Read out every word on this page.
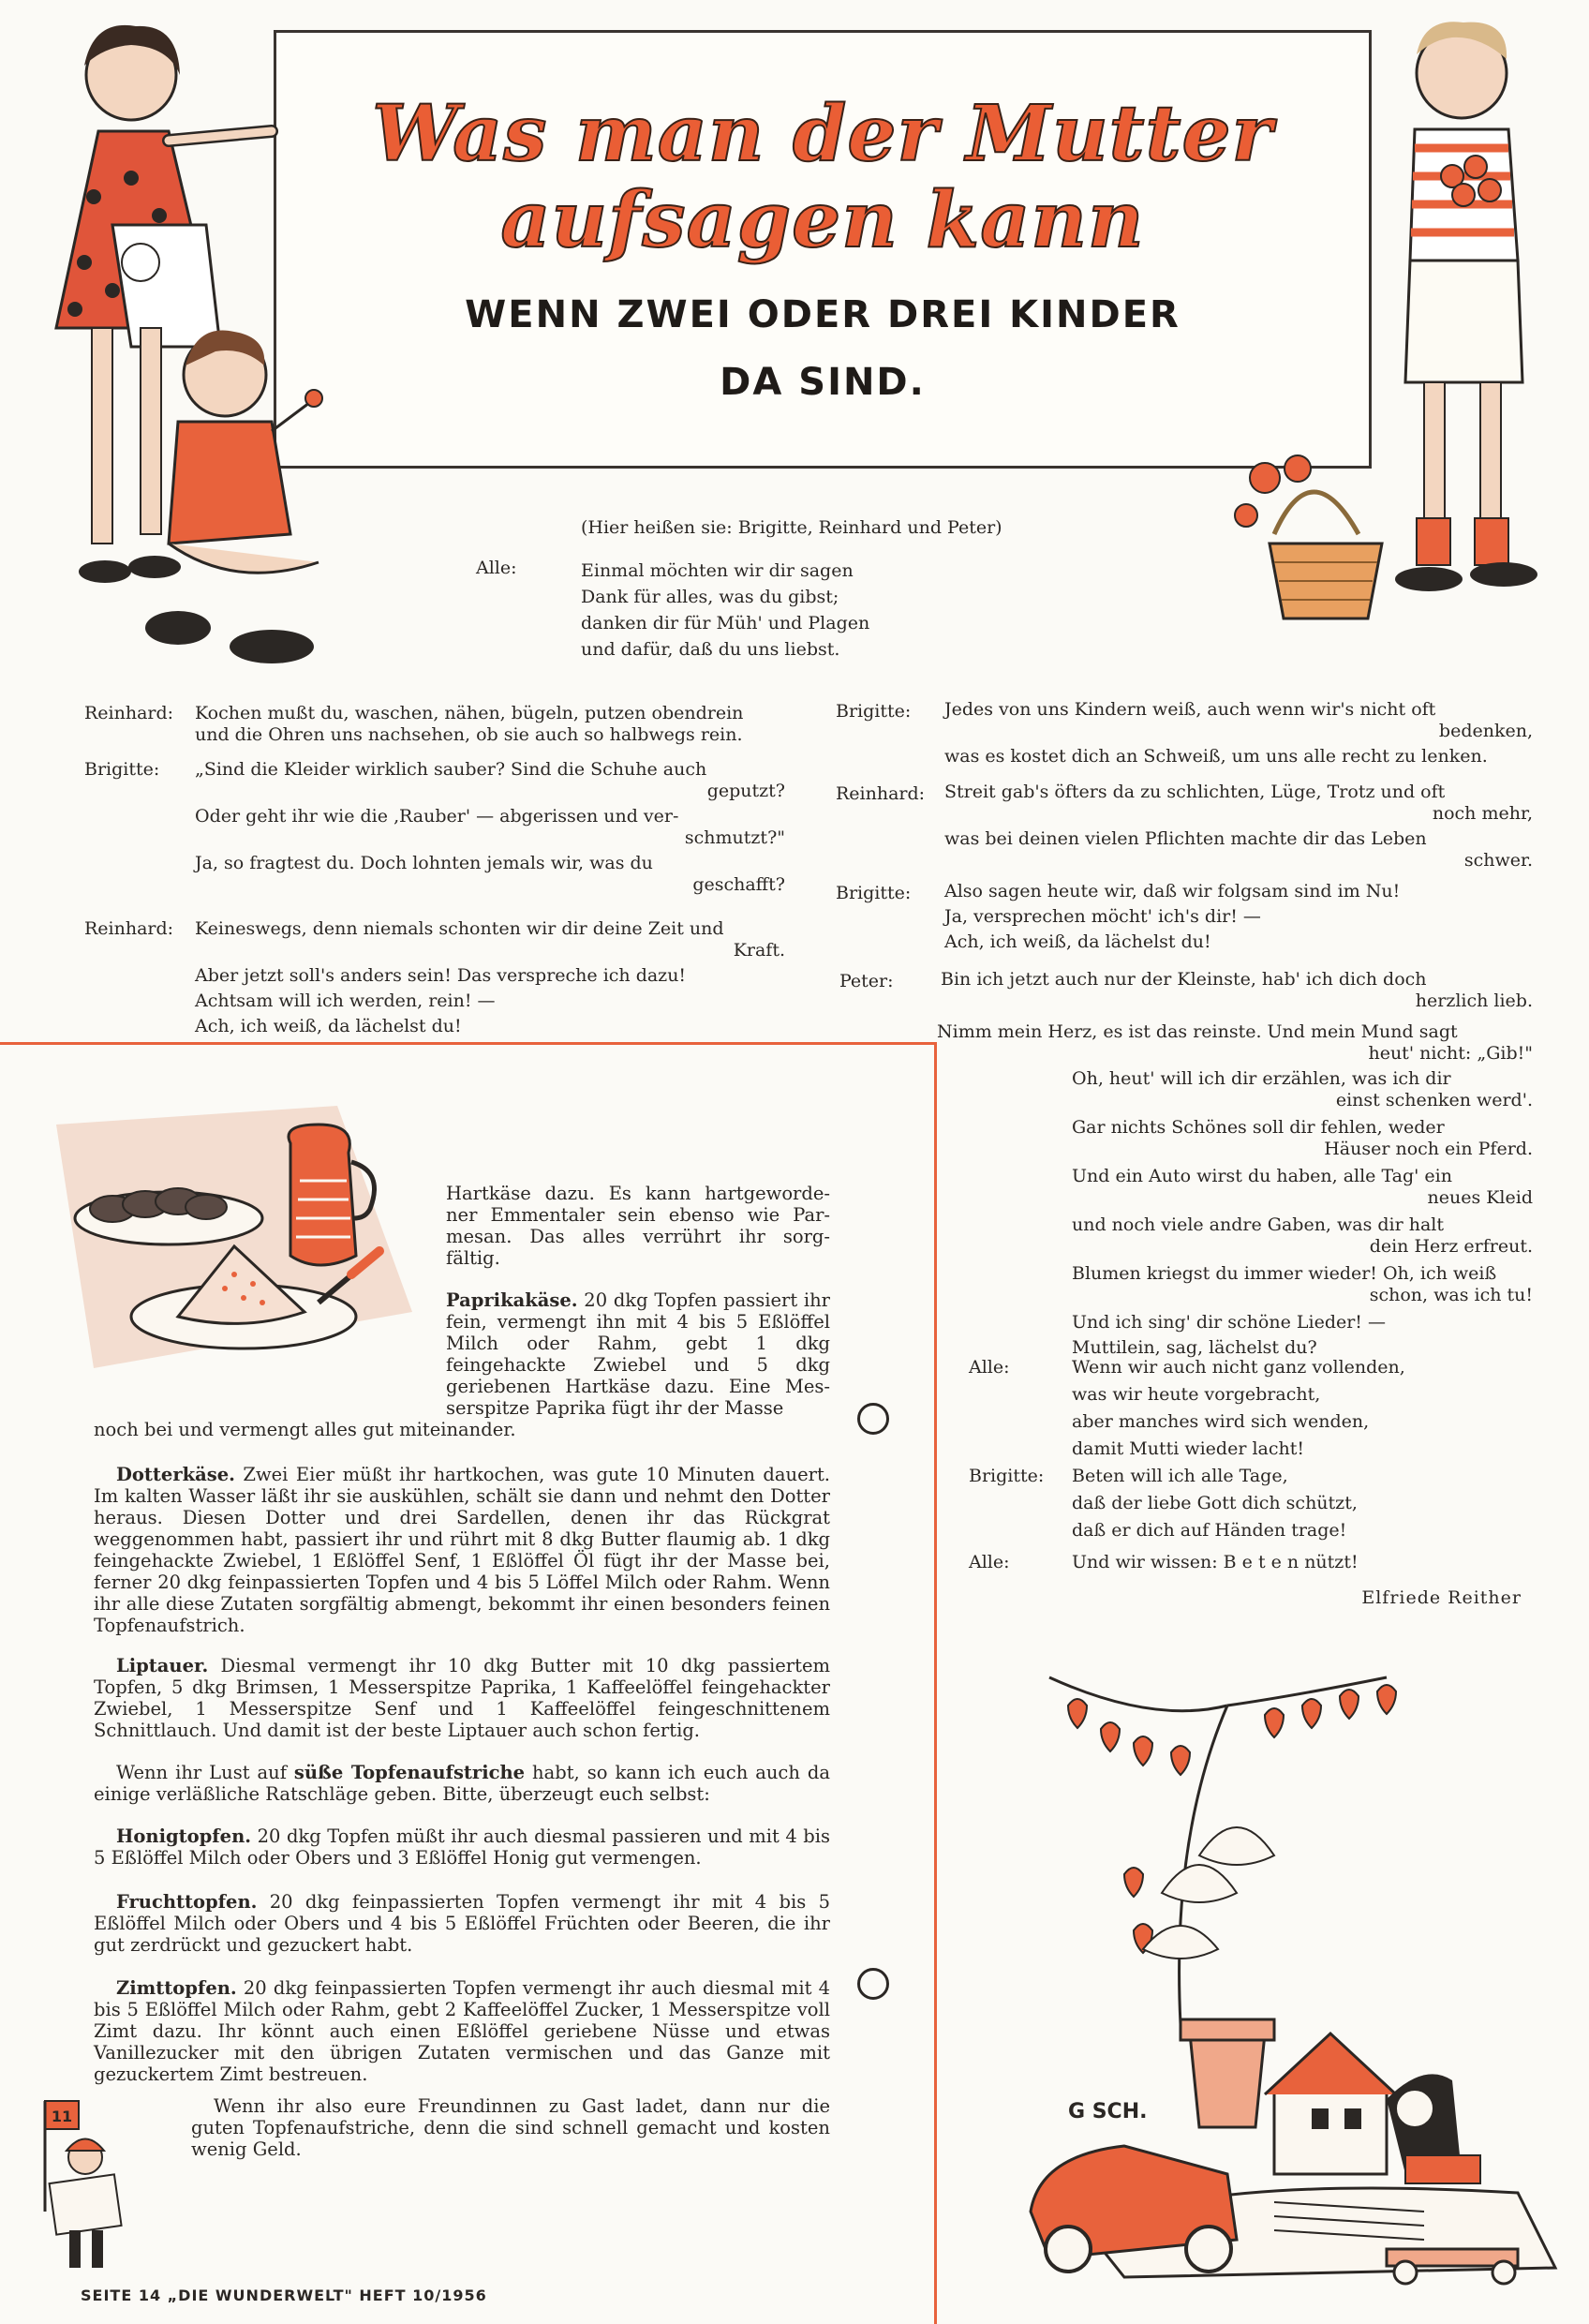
Was man der Mutter
aufsagen kann
WENN ZWEI ODER DREI KINDER
DA SIND.
(Hier heißen sie: Brigitte, Reinhard und Peter)
Alle:	Einmal möchten wir dir sagen
Dank für alles, was du gibst;
danken dir für Müh' und Plagen
und dafür, daß du uns liebst.
Reinhard: Kochen mußt du, waschen, nähen, bügeln, putzen obendrein
und die Ohren uns nachsehen, ob sie auch so halbwegs rein.
Brigitte: „Sind die Kleider wirklich sauber? Sind die Schuhe auch
geputzt?
Oder geht ihr wie die ‚Rauber' — abgerissen und ver-
schmutzt?"
Ja, so fragtest du. Doch lohnten jemals wir, was du
geschafft?
Reinhard: Keineswegs, denn niemals schonten wir dir deine Zeit und
Kraft.
Aber jetzt soll's anders sein! Das verspreche ich dazu!
Achtsam will ich werden, rein! —
Ach, ich weiß, da lächelst du!
Brigitte: Jedes von uns Kindern weiß, auch wenn wir's nicht oft
bedenken,
was es kostet dich an Schweiß, um uns alle recht zu lenken.
Reinhard: Streit gab's öfters da zu schlichten, Lüge, Trotz und oft
noch mehr,
was bei deinen vielen Pflichten machte dir das Leben
schwer.
Brigitte: Also sagen heute wir, daß wir folgsam sind im Nu!
Ja, versprechen möcht' ich's dir! —
Ach, ich weiß, da lächelst du!
Peter:	Bin ich jetzt auch nur der Kleinste, hab' ich dich doch
herzlich lieb.
Nimm mein Herz, es ist das reinste. Und mein Mund sagt
heut' nicht: „Gib!"
Oh, heut' will ich dir erzählen, was ich dir
einst schenken werd'.
Gar nichts Schönes soll dir fehlen, weder
Häuser noch ein Pferd.
Und ein Auto wirst du haben, alle Tag' ein
neues Kleid
und noch viele andre Gaben, was dir halt
dein Herz erfreut.
Blumen kriegst du immer wieder! Oh, ich weiß
schon, was ich tu!
Und ich sing' dir schöne Lieder! —
Muttilein, sag, lächelst du?
Alle:	Wenn wir auch nicht ganz vollenden,
was wir heute vorgebracht,
aber manches wird sich wenden,
damit Mutti wieder lacht!
Brigitte: Beten will ich alle Tage,
daß der liebe Gott dich schützt,
daß er dich auf Händen trage!
Alle:	Und wir wissen: B e t e n nützt!
Elfriede Reither
Hartkäse dazu. Es kann hartgeworde- ner Emmentaler sein ebenso wie Par- mesan. Das alles verrührt ihr sorg- fältig.
Paprikakäse. 20 dkg Topfen passiert ihr fein, vermengt ihn mit 4 bis 5 Eßlöffel Milch oder Rahm, gebt 1 dkg feingehackte Zwiebel und 5 dkg geriebenen Hartkäse dazu. Eine Mes- serspitze Paprika fügt ihr der Masse
noch bei und vermengt alles gut miteinander.
Dotterkäse. Zwei Eier müßt ihr hartkochen, was gute 10 Minuten dauert. Im kalten Wasser läßt ihr sie auskühlen, schält sie dann und nehmt den Dotter heraus. Diesen Dotter und drei Sardellen, denen ihr das Rückgrat weggenommen habt, passiert ihr und rührt mit 8 dkg Butter flaumig ab. 1 dkg feingehackte Zwiebel, 1 Eßlöffel Senf, 1 Eßlöffel Öl fügt ihr der Masse bei, ferner 20 dkg feinpassierten Topfen und 4 bis 5 Löffel Milch oder Rahm. Wenn ihr alle diese Zutaten sorgfältig abmengt, bekommt ihr einen besonders feinen Topfenaufstrich.
Liptauer. Diesmal vermengt ihr 10 dkg Butter mit 10 dkg passiertem Topfen, 5 dkg Brimsen, 1 Messerspitze Paprika, 1 Kaffeelöffel feingehackter Zwiebel, 1 Messerspitze Senf und 1 Kaffeelöffel feingeschnittenem Schnittlauch. Und damit ist der beste Liptauer auch schon fertig.
Wenn ihr Lust auf süße Topfenaufstriche habt, so kann ich euch auch da einige verläßliche Ratschläge geben. Bitte, überzeugt euch selbst:
Honigtopfen. 20 dkg Topfen müßt ihr auch diesmal passieren und mit 4 bis 5 Eßlöffel Milch oder Obers und 3 Eßlöffel Honig gut vermengen.
Fruchttopfen. 20 dkg feinpassierten Topfen vermengt ihr mit 4 bis 5 Eßlöffel Milch oder Obers und 4 bis 5 Eßlöffel Früchten oder Beeren, die ihr gut zerdrückt und gezuckert habt.
Zimttopfen. 20 dkg feinpassierten Topfen vermengt ihr auch diesmal mit 4 bis 5 Eßlöffel Milch oder Rahm, gebt 2 Kaffeelöffel Zucker, 1 Messerspitze voll Zimt dazu. Ihr könnt auch einen Eßlöffel geriebene Nüsse und etwas Vanillezucker mit den übrigen Zutaten vermischen und das Ganze mit gezuckertem Zimt bestreuen.
Wenn ihr also eure Freundinnen zu Gast ladet, dann nur die guten Topfenaufstriche, denn die sind schnell gemacht und kosten wenig Geld.
11	G SCH.
SEITE 14 „DIE WUNDERWELT" HEFT 10/1956
